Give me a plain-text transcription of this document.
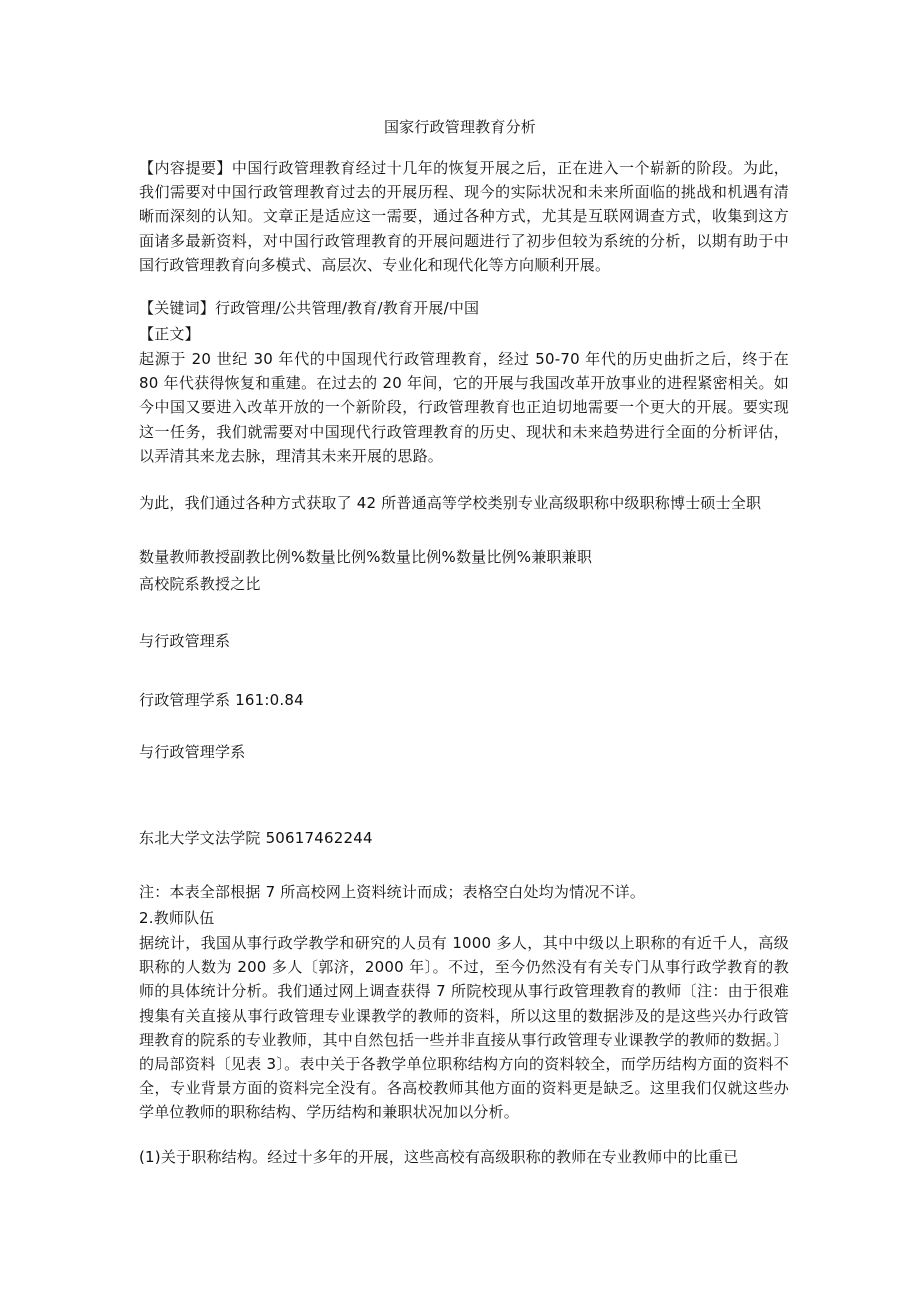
国家行政管理教育分析

【内容提要】中国行政管理教育经过十几年的恢复开展之后，正在进入一个崭新的阶段。为此，我们需要对中国行政管理教育过去的开展历程、现今的实际状况和未来所面临的挑战和机遇有清晰而深刻的认知。文章正是适应这一需要，通过各种方式，尤其是互联网调查方式，收集到这方面诸多最新资料，对中国行政管理教育的开展问题进行了初步但较为系统的分析，以期有助于中国行政管理教育向多模式、高层次、专业化和现代化等方向顺利开展。

【关键词】行政管理/公共管理/教育/教育开展/中国
【正文】

起源于 20 世纪 30 年代的中国现代行政管理教育，经过 50-70 年代的历史曲折之后，终于在 80 年代获得恢复和重建。在过去的 20 年间，它的开展与我国改革开放事业的进程紧密相关。如今中国又要进入改革开放的一个新阶段，行政管理教育也正迫切地需要一个更大的开展。要实现这一任务，我们就需要对中国现代行政管理教育的历史、现状和未来趋势进行全面的分析评估，以弄清其来龙去脉，理清其未来开展的思路。

为此，我们通过各种方式获取了 42 所普通高等学校类别专业高级职称中级职称博士硕士全职

数量教师教授副教比例%数量比例%数量比例%数量比例%兼职兼职
高校院系教授之比
与行政管理系
行政管理学系 161:0.84
与行政管理学系
东北大学文法学院 50617462244
注：本表全部根据 7 所高校网上资料统计而成；表格空白处均为情况不详。
2.教师队伍

据统计，我国从事行政学教学和研究的人员有 1000 多人，其中中级以上职称的有近千人，高级职称的人数为 200 多人〔郭济，2000 年〕。不过，至今仍然没有有关专门从事行政学教育的教师的具体统计分析。我们通过网上调查获得 7 所院校现从事行政管理教育的教师〔注：由于很难搜集有关直接从事行政管理专业课教学的教师的资料，所以这里的数据涉及的是这些兴办行政管理教育的院系的专业教师，其中自然包括一些并非直接从事行政管理专业课教学的教师的数据。〕的局部资料〔见表 3〕。表中关于各教学单位职称结构方向的资料较全，而学历结构方面的资料不全，专业背景方面的资料完全没有。各高校教师其他方面的资料更是缺乏。这里我们仅就这些办学单位教师的职称结构、学历结构和兼职状况加以分析。

(1)关于职称结构。经过十多年的开展，这些高校有高级职称的教师在专业教师中的比重已
